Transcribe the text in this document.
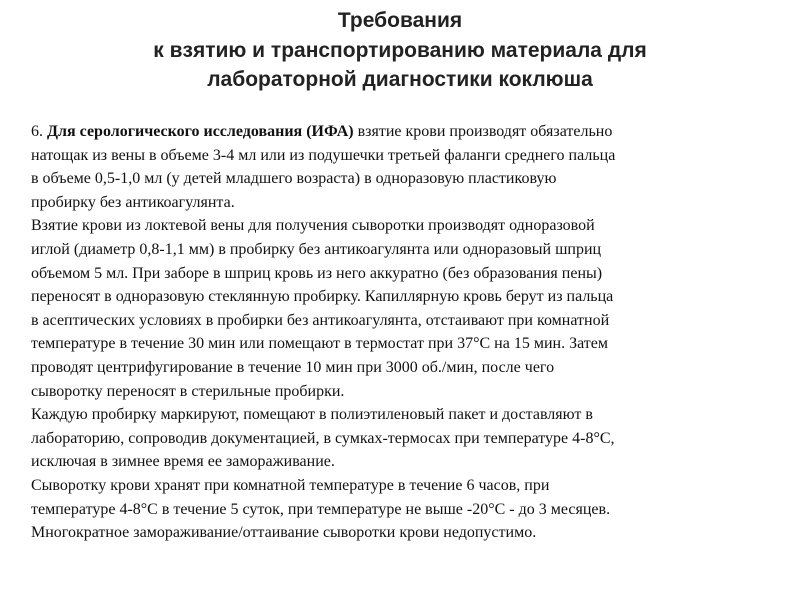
Требования
к взятию и транспортированию материала для
лабораторной диагностики коклюша
6. Для серологического исследования (ИФА) взятие крови производят обязательно
натощак из вены в объеме 3-4 мл или из подушечки третьей фаланги среднего пальца
в объеме 0,5-1,0 мл (у детей младшего возраста) в одноразовую пластиковую
пробирку без антикоагулянта.
Взятие крови из локтевой вены для получения сыворотки производят одноразовой
иглой (диаметр 0,8-1,1 мм) в пробирку без антикоагулянта или одноразовый шприц
объемом 5 мл. При заборе в шприц кровь из него аккуратно (без образования пены)
переносят в одноразовую стеклянную пробирку. Капиллярную кровь берут из пальца
в асептических условиях в пробирки без антикоагулянта, отстаивают при комнатной
температуре в течение 30 мин или помещают в термостат при 37°С на 15 мин. Затем
проводят центрифугирование в течение 10 мин при 3000 об./мин, после чего
сыворотку переносят в стерильные пробирки.
Каждую пробирку маркируют, помещают в полиэтиленовый пакет и доставляют в
лабораторию, сопроводив документацией, в сумках-термосах при температуре 4-8°С,
исключая в зимнее время ее замораживание.
Сыворотку крови хранят при комнатной температуре в течение 6 часов, при
температуре 4-8°С в течение 5 суток, при температуре не выше -20°С - до 3 месяцев.
Многократное замораживание/оттаивание сыворотки крови недопустимо.
